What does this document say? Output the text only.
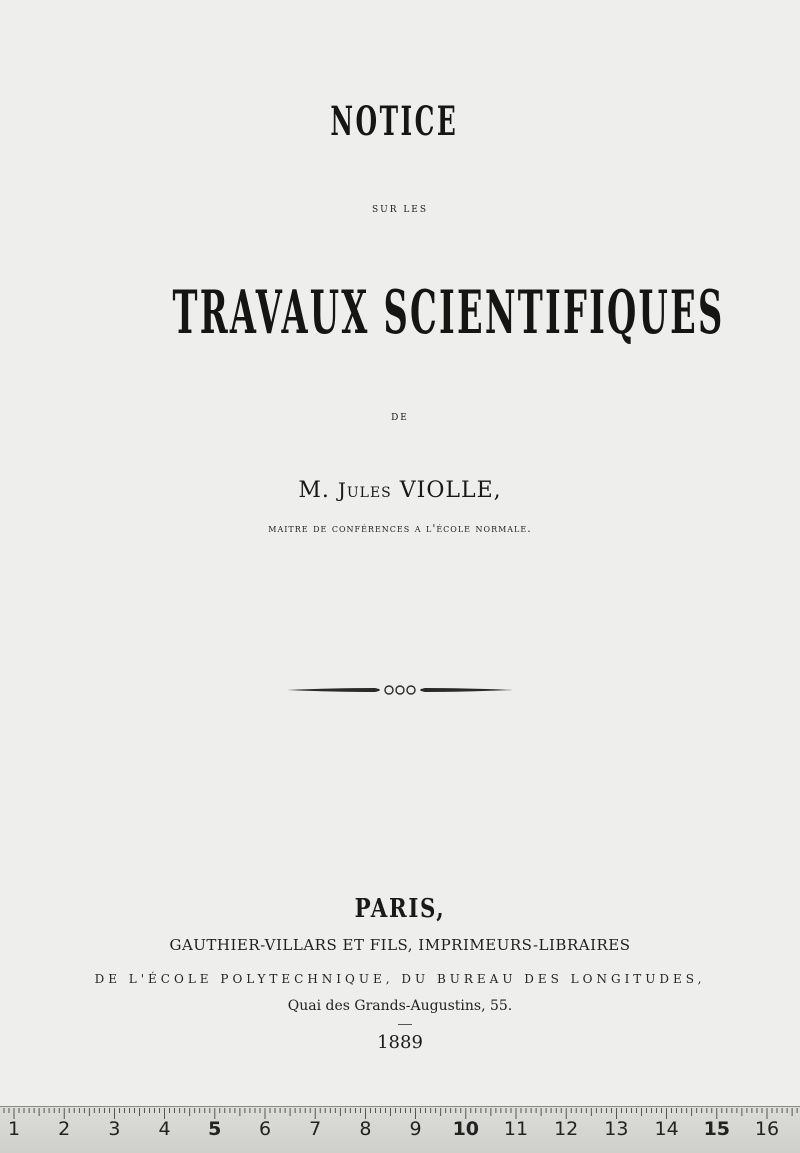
NOTICE
SUR LES
TRAVAUX SCIENTIFIQUES
DE
M. Jules VIOLLE,
maitre de conférences a l'école normale.
PARIS,
GAUTHIER-VILLARS ET FILS, IMPRIMEURS-LIBRAIRES
DE L'ÉCOLE POLYTECHNIQUE, DU BUREAU DES LONGITUDES,
Quai des Grands-Augustins, 55.
1889
1 2 3 4 5 6 7 8 9 10 11 12 13 14 15 16
